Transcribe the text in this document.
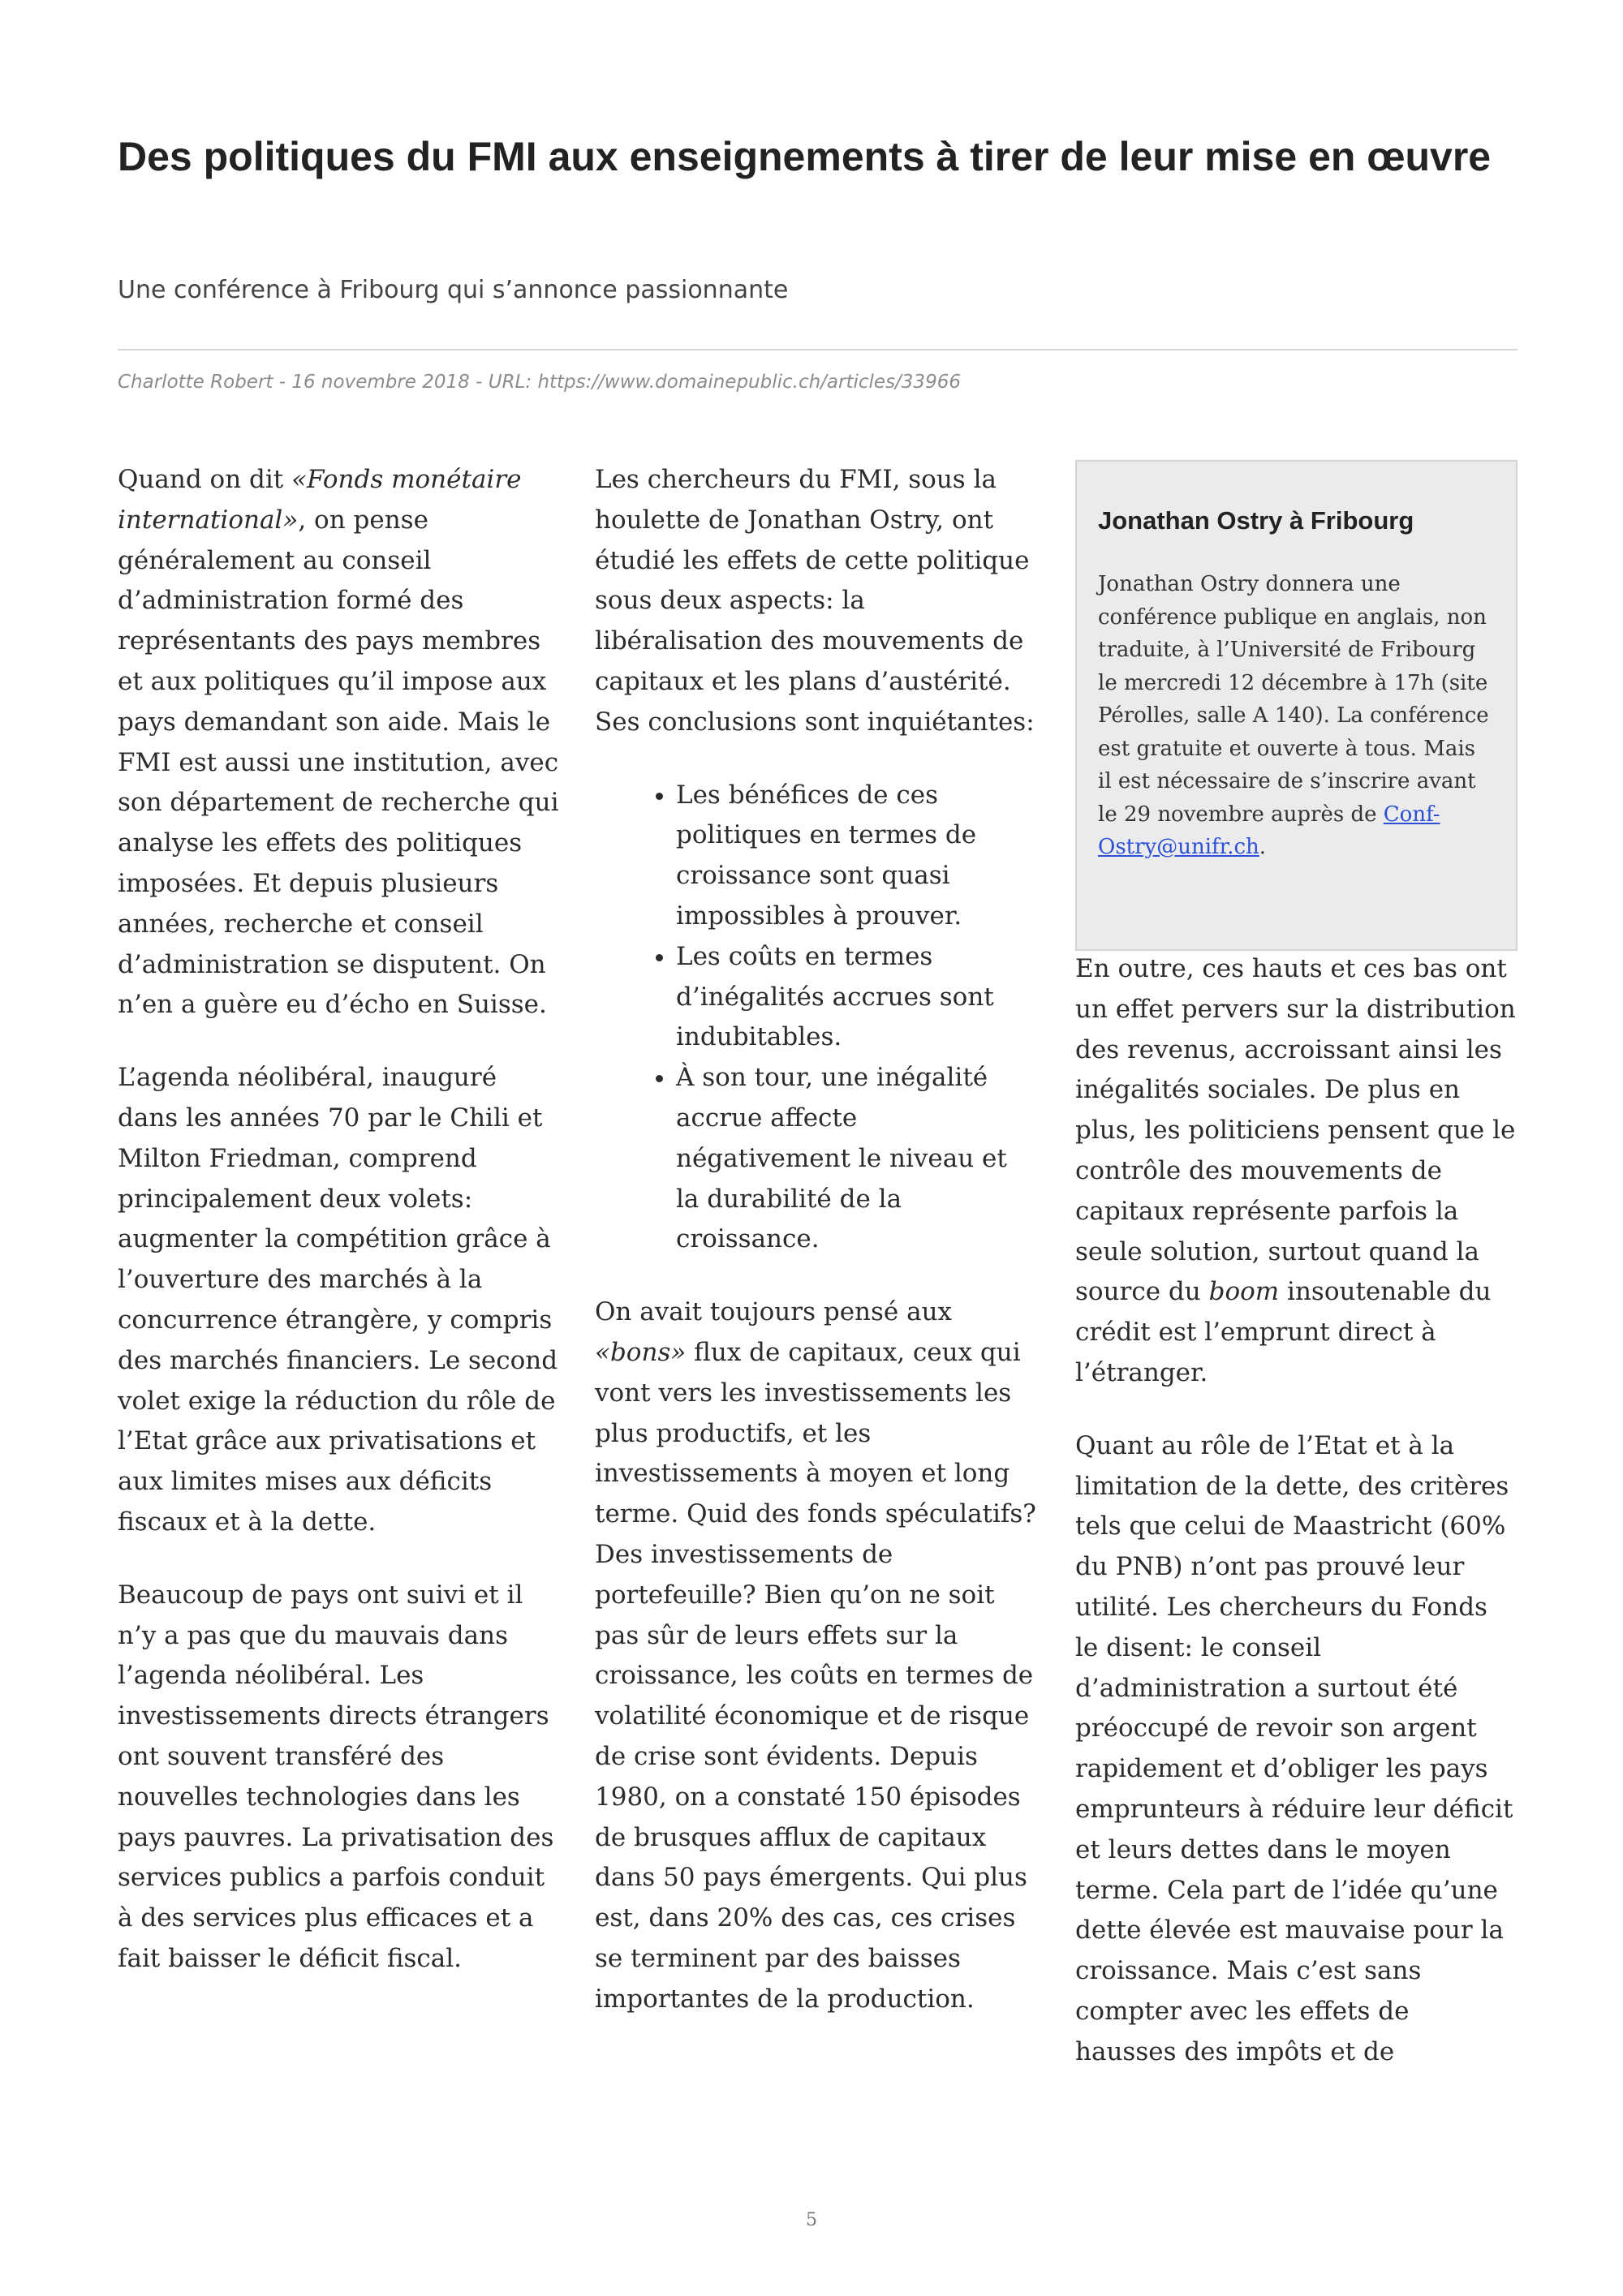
Des politiques du FMI aux enseignements à tirer de leur mise en œuvre

Une conférence à Fribourg qui s’annonce passionnante

Charlotte Robert - 16 novembre 2018 - URL: https://www.domainepublic.ch/articles/33966

Quand on dit «Fonds monétaire international», on pense généralement au conseil d’administration formé des représentants des pays membres et aux politiques qu’il impose aux pays demandant son aide. Mais le FMI est aussi une institution, avec son département de recherche qui analyse les effets des politiques imposées. Et depuis plusieurs années, recherche et conseil d’administration se disputent. On n’en a guère eu d’écho en Suisse.

L’agenda néolibéral, inauguré dans les années 70 par le Chili et Milton Friedman, comprend principalement deux volets: augmenter la compétition grâce à l’ouverture des marchés à la concurrence étrangère, y compris des marchés financiers. Le second volet exige la réduction du rôle de l’Etat grâce aux privatisations et aux limites mises aux déficits fiscaux et à la dette.

Beaucoup de pays ont suivi et il n’y a pas que du mauvais dans l’agenda néolibéral. Les investissements directs étrangers ont souvent transféré des nouvelles technologies dans les pays pauvres. La privatisation des services publics a parfois conduit à des services plus efficaces et a fait baisser le déficit fiscal.

Les chercheurs du FMI, sous la houlette de Jonathan Ostry, ont étudié les effets de cette politique sous deux aspects: la libéralisation des mouvements de capitaux et les plans d’austérité. Ses conclusions sont inquiétantes:

• Les bénéfices de ces politiques en termes de croissance sont quasi impossibles à prouver.
• Les coûts en termes d’inégalités accrues sont indubitables.
• À son tour, une inégalité accrue affecte négativement le niveau et la durabilité de la croissance.

On avait toujours pensé aux «bons» flux de capitaux, ceux qui vont vers les investissements les plus productifs, et les investissements à moyen et long terme. Quid des fonds spéculatifs? Des investissements de portefeuille? Bien qu’on ne soit pas sûr de leurs effets sur la croissance, les coûts en termes de volatilité économique et de risque de crise sont évidents. Depuis 1980, on a constaté 150 épisodes de brusques afflux de capitaux dans 50 pays émergents. Qui plus est, dans 20% des cas, ces crises se terminent par des baisses importantes de la production.

Jonathan Ostry à Fribourg

Jonathan Ostry donnera une conférence publique en anglais, non traduite, à l’Université de Fribourg le mercredi 12 décembre à 17h (site Pérolles, salle A 140). La conférence est gratuite et ouverte à tous. Mais il est nécessaire de s’inscrire avant le 29 novembre auprès de Conf-Ostry@unifr.ch.

En outre, ces hauts et ces bas ont un effet pervers sur la distribution des revenus, accroissant ainsi les inégalités sociales. De plus en plus, les politiciens pensent que le contrôle des mouvements de capitaux représente parfois la seule solution, surtout quand la source du boom insoutenable du crédit est l’emprunt direct à l’étranger.

Quant au rôle de l’Etat et à la limitation de la dette, des critères tels que celui de Maastricht (60% du PNB) n’ont pas prouvé leur utilité. Les chercheurs du Fonds le disent: le conseil d’administration a surtout été préoccupé de revoir son argent rapidement et d’obliger les pays emprunteurs à réduire leur déficit et leurs dettes dans le moyen terme. Cela part de l’idée qu’une dette élevée est mauvaise pour la croissance. Mais c’est sans compter avec les effets de hausses des impôts et de

5
